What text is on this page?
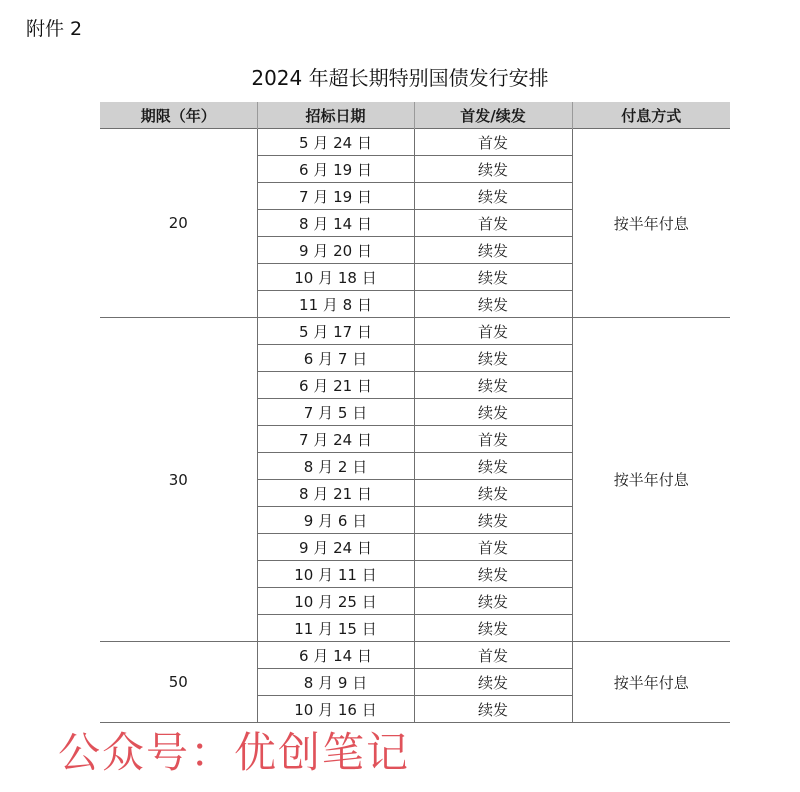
附件 2
2024 年超长期特别国债发行安排
期限（年）	招标日期	首发/续发	付息方式
20	5 月 24 日	首发	按半年付息
	6 月 19 日	续发	
	7 月 19 日	续发	
	8 月 14 日	首发	
	9 月 20 日	续发	
	10 月 18 日	续发	
	11 月 8 日	续发	
30	5 月 17 日	首发	按半年付息
	6 月 7 日	续发	
	6 月 21 日	续发	
	7 月 5 日	续发	
	7 月 24 日	首发	
	8 月 2 日	续发	
	8 月 21 日	续发	
	9 月 6 日	续发	
	9 月 24 日	首发	
	10 月 11 日	续发	
	10 月 25 日	续发	
	11 月 15 日	续发	
50	6 月 14 日	首发	按半年付息
	8 月 9 日	续发	
	10 月 16 日	续发	
公众号：优创笔记
